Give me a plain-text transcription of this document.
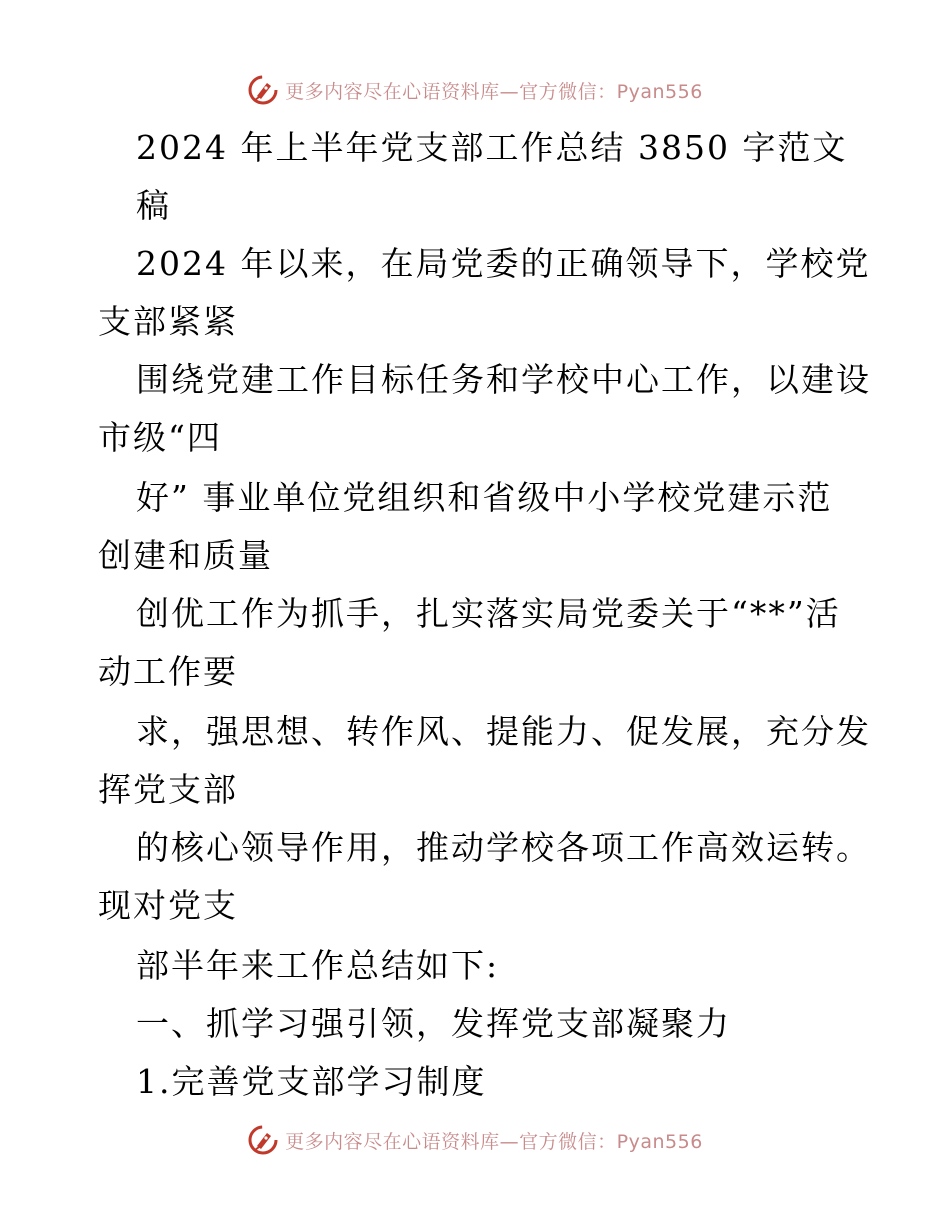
更多内容尽在心语资料库—官方微信：Pyan556
2024 年上半年党支部工作总结 3850 字范文
稿
2024 年以来，在局党委的正确领导下，学校党
支部紧紧
围绕党建工作目标任务和学校中心工作，以建设
市级“四
好” 事业单位党组织和省级中小学校党建示范
创建和质量
创优工作为抓手，扎实落实局党委关于“**”活
动工作要
求，强思想、转作风、提能力、促发展，充分发
挥党支部
的核心领导作用，推动学校各项工作高效运转。
现对党支
部半年来工作总结如下:
一、抓学习强引领，发挥党支部凝聚力
1.完善党支部学习制度
更多内容尽在心语资料库—官方微信：Pyan556
